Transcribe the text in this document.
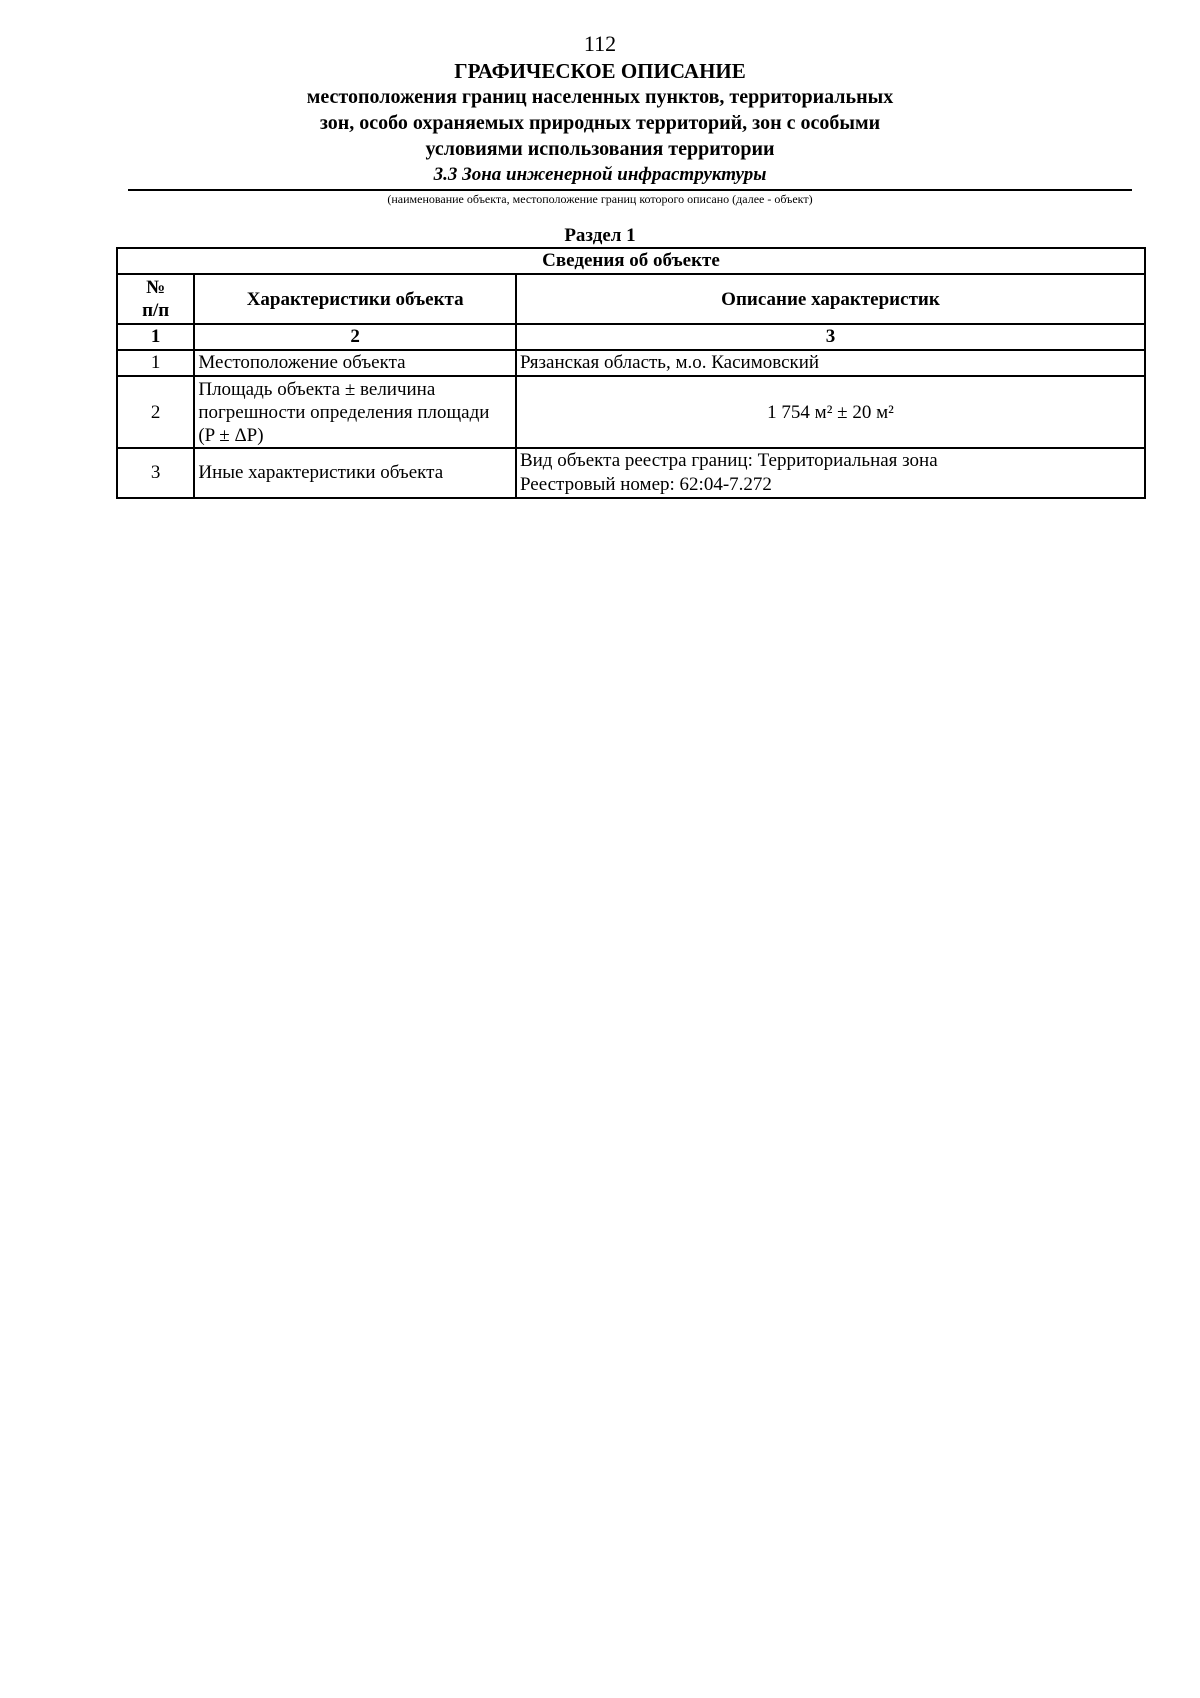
112
ГРАФИЧЕСКОЕ ОПИСАНИЕ
местоположения границ населенных пунктов, территориальных
зон, особо охраняемых природных территорий, зон с особыми
условиями использования территории
3.3 Зона инженерной инфраструктуры
(наименование объекта, местоположение границ которого описано (далее - объект)
Раздел 1
Сведения об объекте		

№
п/п	Характеристики объекта	Описание характеристик
1	2	3
1	Местоположение объекта	Рязанская область, м.о. Касимовский
2	Площадь объекта ± величина
погрешности определения площади
(P ± ΔP)	1 754 м² ± 20 м²
3	Иные характеристики объекта	Вид объекта реестра границ: Территориальная зона
Реестровый номер: 62:04-7.272
